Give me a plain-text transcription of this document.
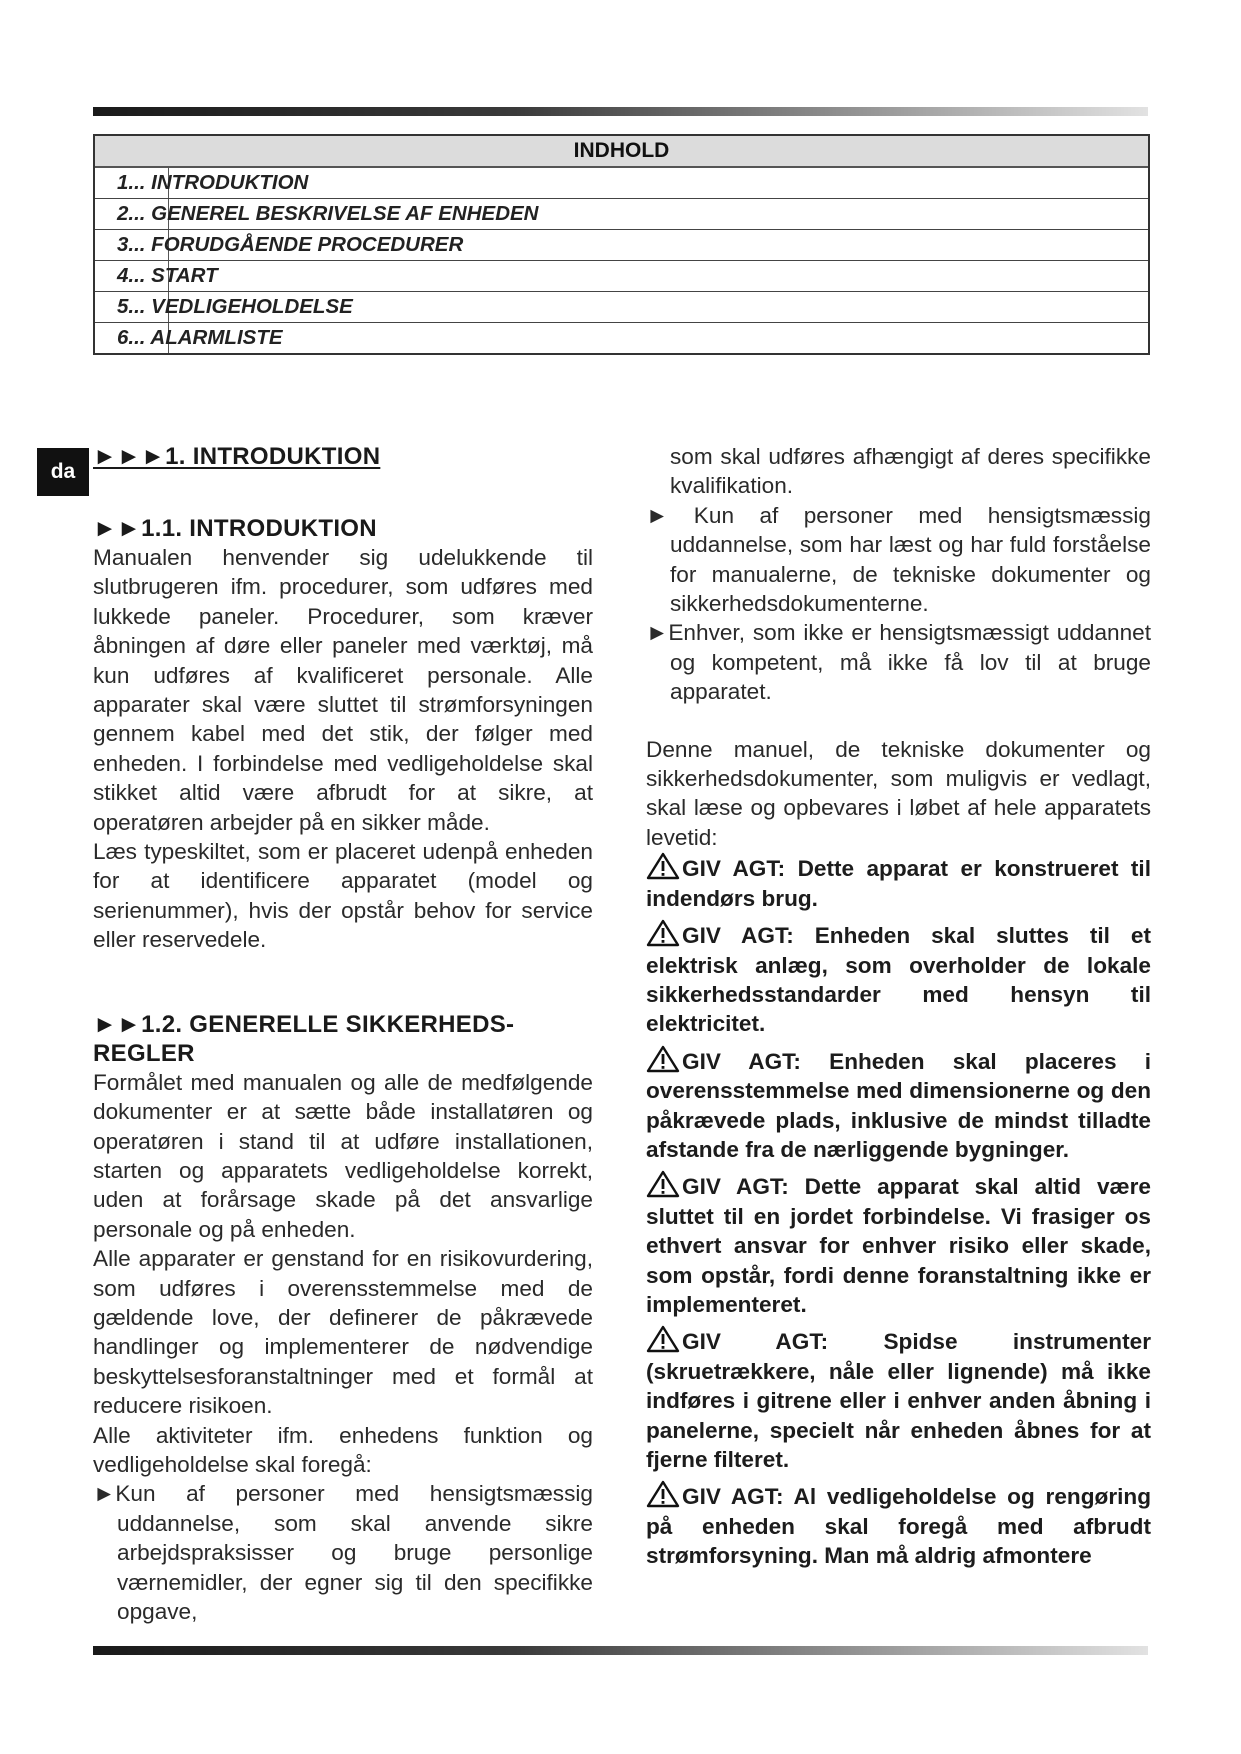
INDHOLD
1... INTRODUKTION
2... GENEREL BESKRIVELSE AF ENHEDEN
3... FORUDGÅENDE PROCEDURER
4... START
5... VEDLIGEHOLDELSE
6... ALARMLISTE
da
►►►1. INTRODUKTION
►►1.1. INTRODUKTION

Manualen henvender sig udelukkende til slutbrugeren ifm. procedurer, som udføres med lukkede paneler. Procedurer, som kræver åbningen af døre eller paneler med værktøj, må kun udføres af kvalificeret personale. Alle apparater skal være sluttet til strømforsyningen gennem kabel med det stik, der følger med enheden. I forbindelse med vedligeholdelse skal stikket altid være afbrudt for at sikre, at operatøren arbejder på en sikker måde.

Læs typeskiltet, som er placeret udenpå enheden for at identificere apparatet (model og serienummer), hvis der opstår behov for service eller reservedele.

►►1.2. GENERELLE SIKKERHEDS-
REGLER

Formålet med manualen og alle de medfølgende dokumenter er at sætte både installatøren og operatøren i stand til at udføre installationen, starten og apparatets vedligeholdelse korrekt, uden at forårsage skade på det ansvarlige personale og på enheden.

Alle apparater er genstand for en risikovurdering, som udføres i overensstemmelse med de gældende love, der definerer de påkrævede handlinger og implementerer de nødvendige beskyttelsesforanstaltninger med et formål at reducere risikoen.

Alle aktiviteter ifm. enhedens funktion og vedligeholdelse skal foregå:

►Kun af personer med hensigtsmæssig uddannelse, som skal anvende sikre arbejdspraksisser og bruge personlige værnemidler, der egner sig til den specifikke opgave,

som skal udføres afhængigt af deres specifikke kvalifikation.

► Kun af personer med hensigtsmæssig uddannelse, som har læst og har fuld forståelse for manualerne, de tekniske dokumenter og sikkerhedsdokumenterne.

►Enhver, som ikke er hensigtsmæssigt uddannet og kompetent, må ikke få lov til at bruge apparatet.

Denne manuel, de tekniske dokumenter og sikkerhedsdokumenter, som muligvis er vedlagt, skal læse og opbevares i løbet af hele apparatets levetid:

GIV AGT: Dette apparat er konstrueret til indendørs brug.

GIV AGT: Enheden skal sluttes til et elektrisk anlæg, som overholder de lokale sikkerhedsstandarder med hensyn til elektricitet.

GIV AGT: Enheden skal placeres i overensstemmelse med dimensionerne og den påkrævede plads, inklusive de mindst tilladte afstande fra de nærliggende bygninger.

GIV AGT: Dette apparat skal altid være sluttet til en jordet forbindelse. Vi frasiger os ethvert ansvar for enhver risiko eller skade, som opstår, fordi denne foranstaltning ikke er implementeret.

GIV AGT: Spidse instrumenter (skruetrækkere, nåle eller lignende) må ikke indføres i gitrene eller i enhver anden åbning i panelerne, specielt når enheden åbnes for at fjerne filteret.

GIV AGT: Al vedligeholdelse og rengøring på enheden skal foregå med afbrudt strømforsyning. Man må aldrig afmontere
